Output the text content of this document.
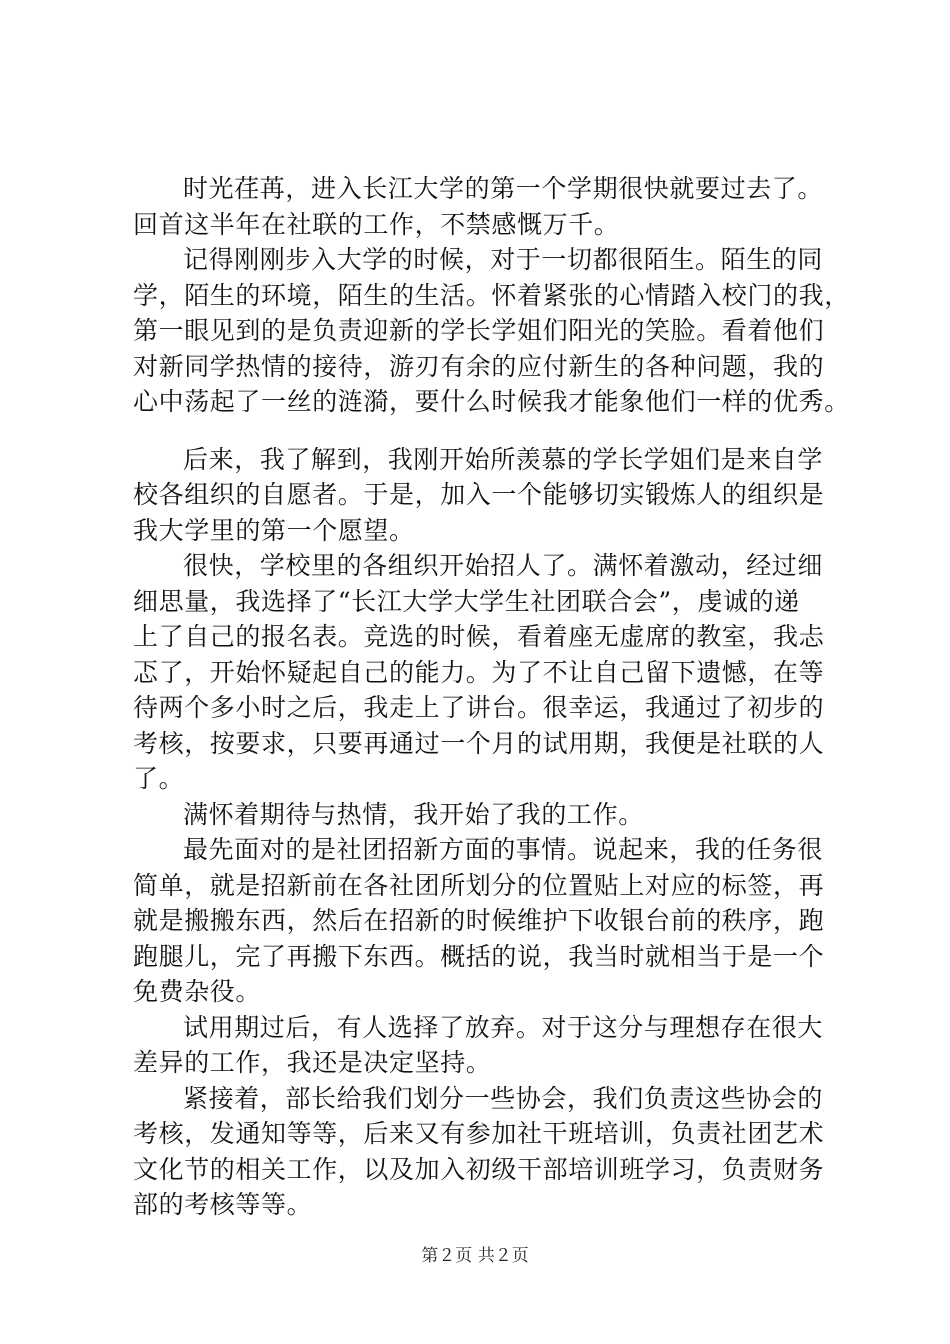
时光荏苒，进入长江大学的第一个学期很快就要过去了。
回首这半年在社联的工作，不禁感慨万千。
记得刚刚步入大学的时候，对于一切都很陌生。陌生的同
学，陌生的环境，陌生的生活。怀着紧张的心情踏入校门的我，
第一眼见到的是负责迎新的学长学姐们阳光的笑脸。看着他们
对新同学热情的接待，游刃有余的应付新生的各种问题，我的
心中荡起了一丝的涟漪，要什么时候我才能象他们一样的优秀。
后来，我了解到，我刚开始所羡慕的学长学姐们是来自学
校各组织的自愿者。于是，加入一个能够切实锻炼人的组织是
我大学里的第一个愿望。
很快，学校里的各组织开始招人了。满怀着激动，经过细
细思量，我选择了“长江大学大学生社团联合会”，虔诚的递
上了自己的报名表。竞选的时候，看着座无虚席的教室，我忐
忑了，开始怀疑起自己的能力。为了不让自己留下遗憾，在等
待两个多小时之后，我走上了讲台。很幸运，我通过了初步的
考核，按要求，只要再通过一个月的试用期，我便是社联的人
了。
满怀着期待与热情，我开始了我的工作。
最先面对的是社团招新方面的事情。说起来，我的任务很
简单，就是招新前在各社团所划分的位置贴上对应的标签，再
就是搬搬东西，然后在招新的时候维护下收银台前的秩序，跑
跑腿儿，完了再搬下东西。概括的说，我当时就相当于是一个
免费杂役。
试用期过后，有人选择了放弃。对于这分与理想存在很大
差异的工作，我还是决定坚持。
紧接着，部长给我们划分一些协会，我们负责这些协会的
考核，发通知等等，后来又有参加社干班培训，负责社团艺术
文化节的相关工作，以及加入初级干部培训班学习，负责财务
部的考核等等。
第２页 共２页
